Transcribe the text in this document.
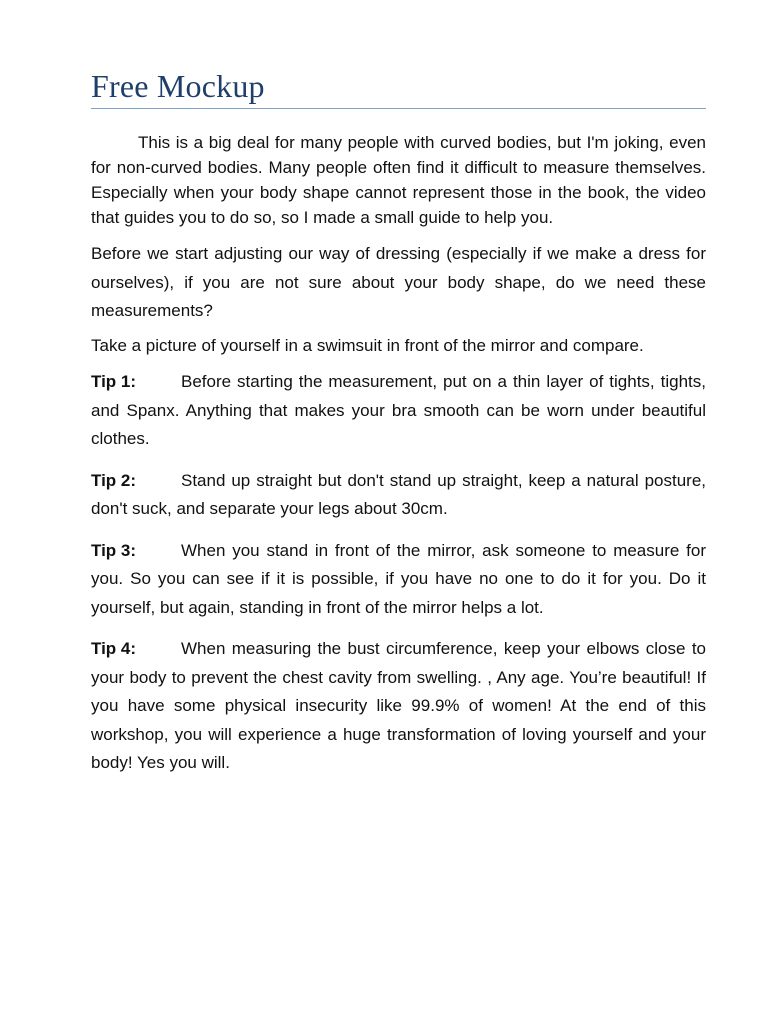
Free Mockup

This is a big deal for many people with curved bodies, but I'm joking, even for non-curved bodies. Many people often find it difficult to measure themselves. Especially when your body shape cannot represent those in the book, the video that guides you to do so, so I made a small guide to help you.

Before we start adjusting our way of dressing (especially if we make a dress for ourselves), if you are not sure about your body shape, do we need these measurements?

Take a picture of yourself in a swimsuit in front of the mirror and compare.

Tip 1:	Before starting the measurement, put on a thin layer of tights, tights, and Spanx. Anything that makes your bra smooth can be worn under beautiful clothes.

Tip 2:	Stand up straight but don't stand up straight, keep a natural posture, don't suck, and separate your legs about 30cm.

Tip 3:	When you stand in front of the mirror, ask someone to measure for you. So you can see if it is possible, if you have no one to do it for you. Do it yourself, but again, standing in front of the mirror helps a lot.

Tip 4:	When measuring the bust circumference, keep your elbows close to your body to prevent the chest cavity from swelling. , Any age. You’re beautiful! If you have some physical insecurity like 99.9% of women! At the end of this workshop, you will experience a huge transformation of loving yourself and your body! Yes you will.
